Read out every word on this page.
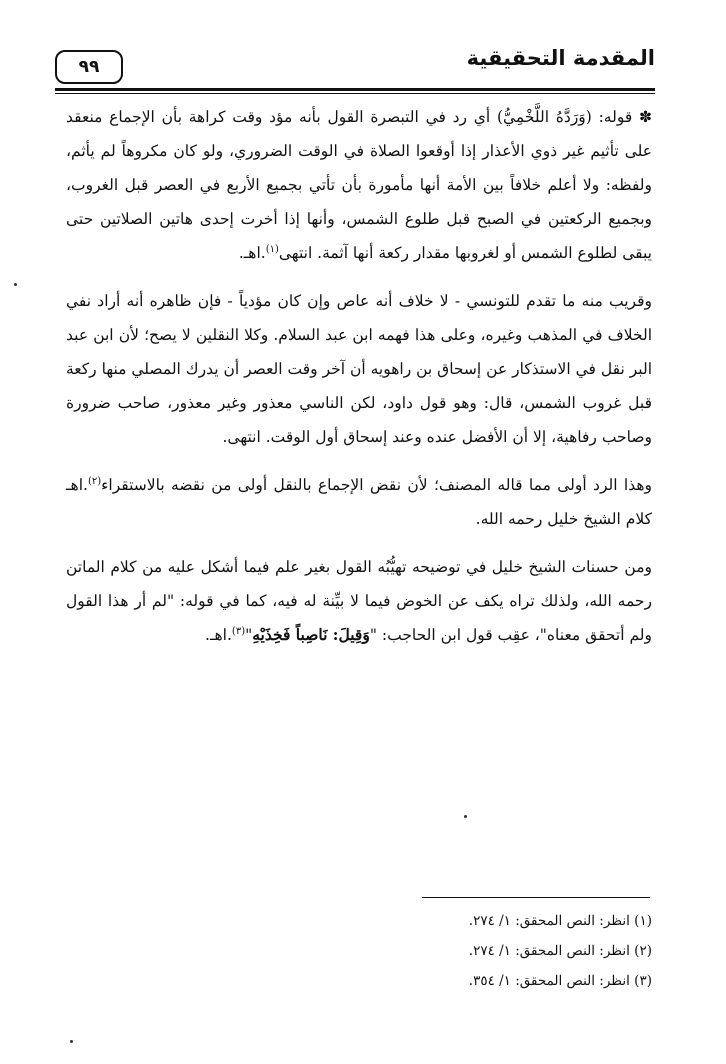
المقدمة التحقيقية
٩٩

✽ قوله: (وَرَدَّهُ اللَّخْمِيُّ) أي رد في التبصرة القول بأنه مؤد وقت كراهة بأن الإجماع منعقد على تأثيم غير ذوي الأعذار إذا أوقعوا الصلاة في الوقت الضروري، ولو كان مكروهاً لم يأثم، ولفظه: ولا أعلم خلافاً بين الأمة أنها مأمورة بأن تأتي بجميع الأربع في العصر قبل الغروب، وبجميع الركعتين في الصبح قبل طلوع الشمس، وأنها إذا أخرت إحدى هاتين الصلاتين حتى يبقى لطلوع الشمس أو لغروبها مقدار ركعة أنها آثمة. انتهى$^{(١)}$.اهـ.

وقريب منه ما تقدم للتونسي - لا خلاف أنه عاص وإن كان مؤدياً - فإن ظاهره أنه أراد نفي الخلاف في المذهب وغيره، وعلى هذا فهمه ابن عبد السلام. وكلا النقلين لا يصح؛ لأن ابن عبد البر نقل في الاستذكار عن إسحاق بن راهويه أن آخر وقت العصر أن يدرك المصلي منها ركعة قبل غروب الشمس، قال: وهو قول داود، لكن الناسي معذور وغير معذور، صاحب ضرورة وصاحب رفاهية، إلا أن الأفضل عنده وعند إسحاق أول الوقت. انتهى.

وهذا الرد أولى مما قاله المصنف؛ لأن نقض الإجماع بالنقل أولى من نقضه بالاستقراء$^{(٢)}$.اهـ كلام الشيخ خليل رحمه الله.

ومن حسنات الشيخ خليل في توضيحه تهيُّبُه القول بغير علم فيما أشكل عليه من كلام الماتن رحمه الله، ولذلك تراه يكف عن الخوض فيما لا بيِّنة له فيه، كما في قوله: "لم أر هذا القول ولم أتحقق معناه"، عقِب قول ابن الحاجب: "وَقِيلَ: نَاصِباً فَخِذَيْهِ"$^{(٣)}$.اهـ.

(١) انظر: النص المحقق: ١/ ٢٧٤.
(٢) انظر: النص المحقق: ١/ ٢٧٤.
(٣) انظر: النص المحقق: ١/ ٣٥٤.
